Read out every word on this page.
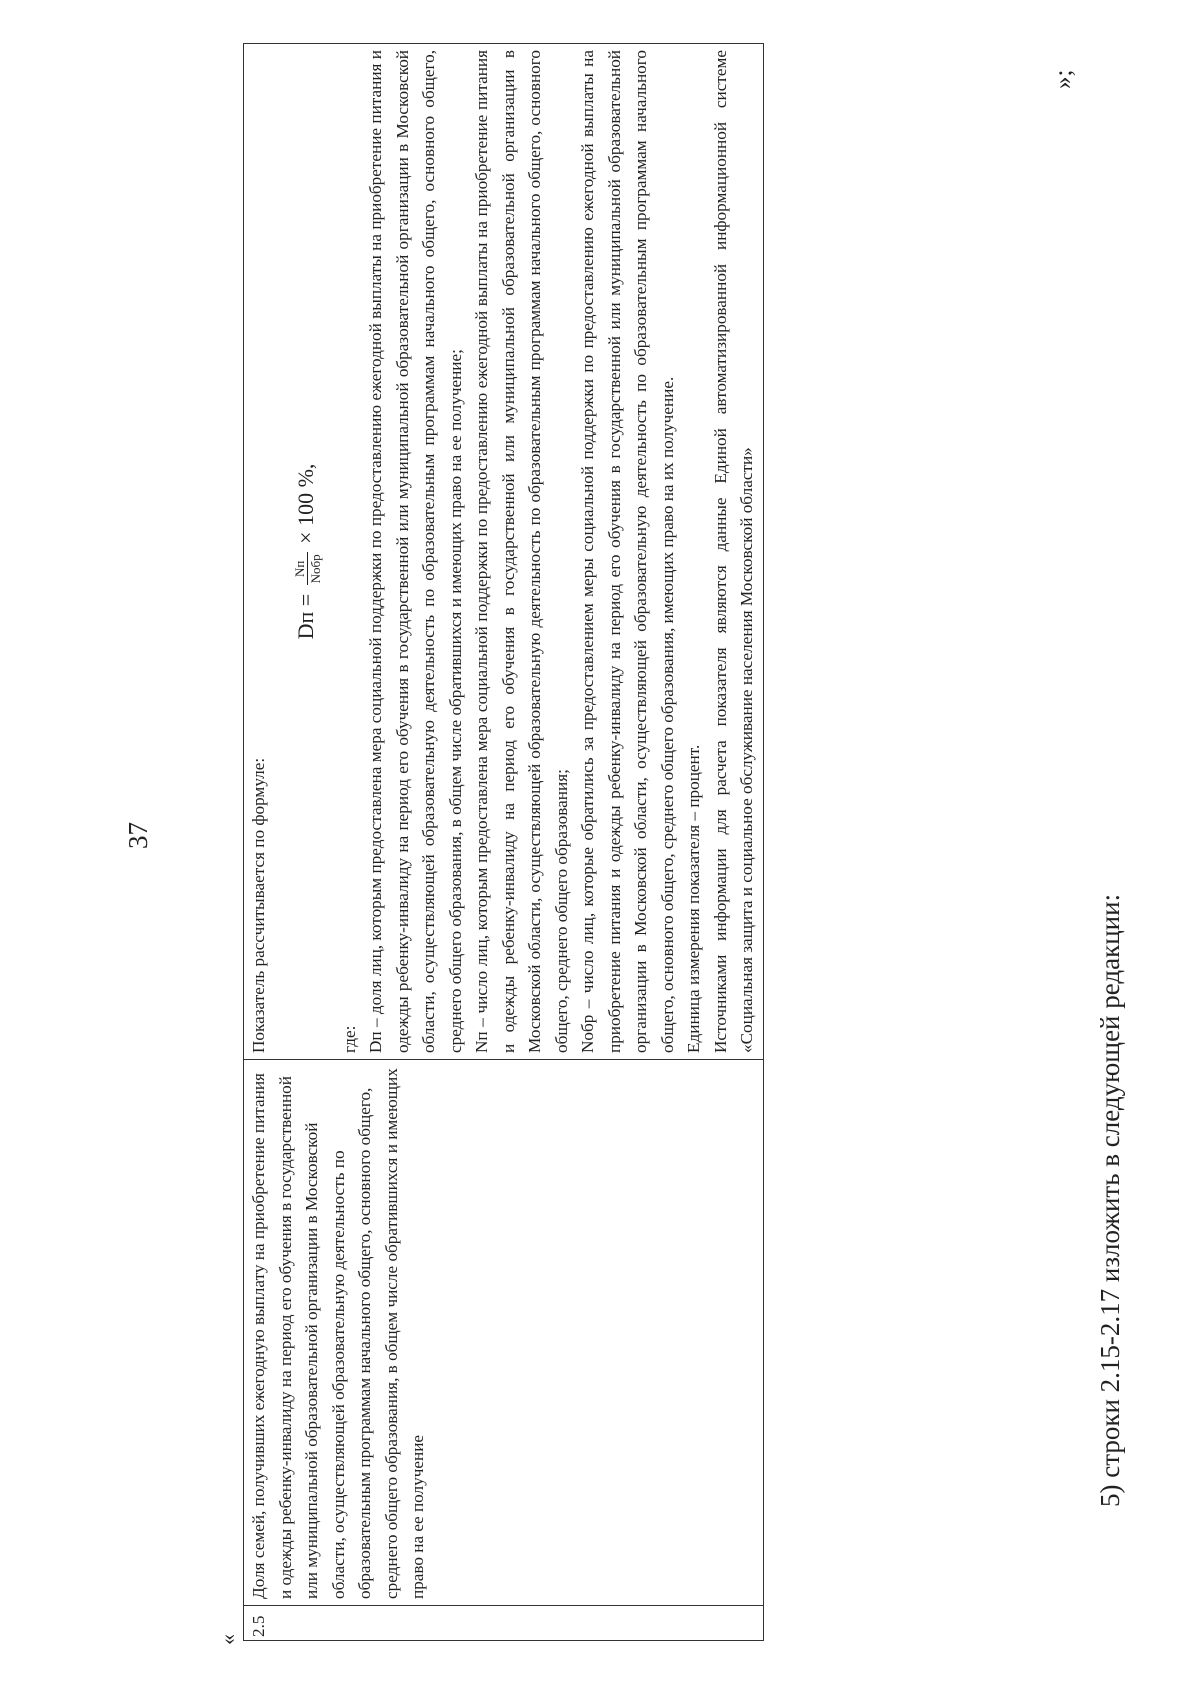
37
«
2.5	Доля семей, получивших ежегодную выплату на приобретение питания и одежды ребенку-инвалиду на период его обучения в государственной или муниципальной образовательной организации в Московской области, осуществляющей образовательную деятельность по образовательным программам начального общего, основного общего, среднего общего образования, в общем числе обратившихся и имеющих право на ее получение	

Показатель рассчитывается по формуле:

Dп =
Nп Nобр
× 100 %,

где: Dп – доля лиц, которым предоставлена мера социальной поддержки по предоставлению ежегодной выплаты на приобретение питания и одежды ребенку-инвалиду на период его обучения в государственной или муниципальной образовательной организации в Московской области, осуществляющей образовательную деятельность по образовательным программам начального общего, основного общего, среднего общего образования, в общем числе обратившихся и имеющих право на ее получение; Nп – число лиц, которым предоставлена мера социальной поддержки по предоставлению ежегодной выплаты на приобретение питания и одежды ребенку-инвалиду на период его обучения в государственной или муниципальной образовательной организации в Московской области, осуществляющей образовательную деятельность по образовательным программам начального общего, основного общего, среднего общего образования; Nобр – число лиц, которые обратились за предоставлением меры социальной поддержки по предоставлению ежегодной выплаты на приобретение питания и одежды ребенку-инвалиду на период его обучения в государственной или муниципальной образовательной организации в Московской области, осуществляющей образовательную деятельность по образовательным программам начального общего, основного общего, среднего общего образования, имеющих право на их получение. Единица измерения показателя – процент. Источниками информации для расчета показателя являются данные Единой автоматизированной информационной системе «Социальная защита и социальное обслуживание населения Московской области»

»;
5) строки 2.15-2.17 изложить в следующей редакции:
